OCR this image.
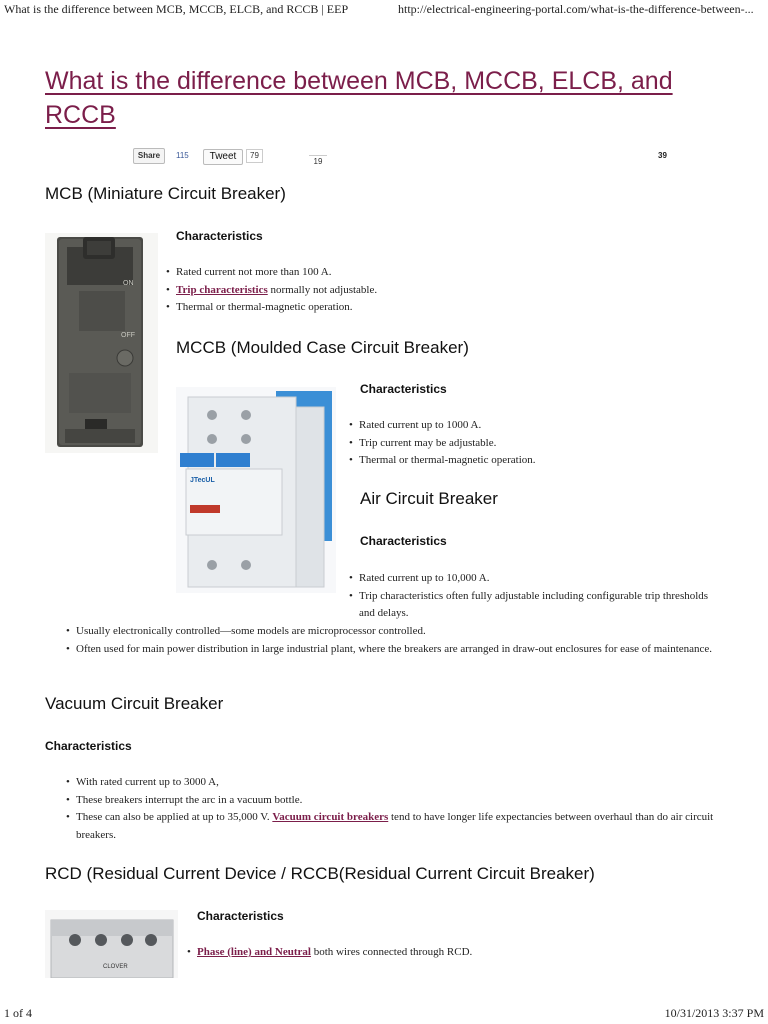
What is the difference between MCB, MCCB, ELCB, and RCCB | EEP	http://electrical-engineering-portal.com/what-is-the-difference-between-...
What is the difference between MCB, MCCB, ELCB, and RCCB
Share	115	Tweet	79
19
39
MCB (Miniature Circuit Breaker)
ON
OFF
Characteristics
• Rated current not more than 100 A.
• Trip characteristics normally not adjustable.
• Thermal or thermal-magnetic operation.
MCCB (Moulded Case Circuit Breaker)
JTecUL
Characteristics
• Rated current up to 1000 A.
• Trip current may be adjustable.
• Thermal or thermal-magnetic operation.
Air Circuit Breaker
Characteristics
• Rated current up to 10,000 A.
• Trip characteristics often fully adjustable including configurable trip thresholds and delays.
• Usually electronically controlled—some models are microprocessor controlled.
• Often used for main power distribution in large industrial plant, where the breakers are arranged in draw-out enclosures for ease of maintenance.
Vacuum Circuit Breaker
Characteristics
• With rated current up to 3000 A,
• These breakers interrupt the arc in a vacuum bottle.
• These can also be applied at up to 35,000 V. Vacuum circuit breakers tend to have longer life expectancies between overhaul than do air circuit breakers.
RCD (Residual Current Device / RCCB(Residual Current Circuit Breaker)
CLOVER
Characteristics
• Phase (line) and Neutral both wires connected through RCD.
1 of 4	10/31/2013 3:37 PM
